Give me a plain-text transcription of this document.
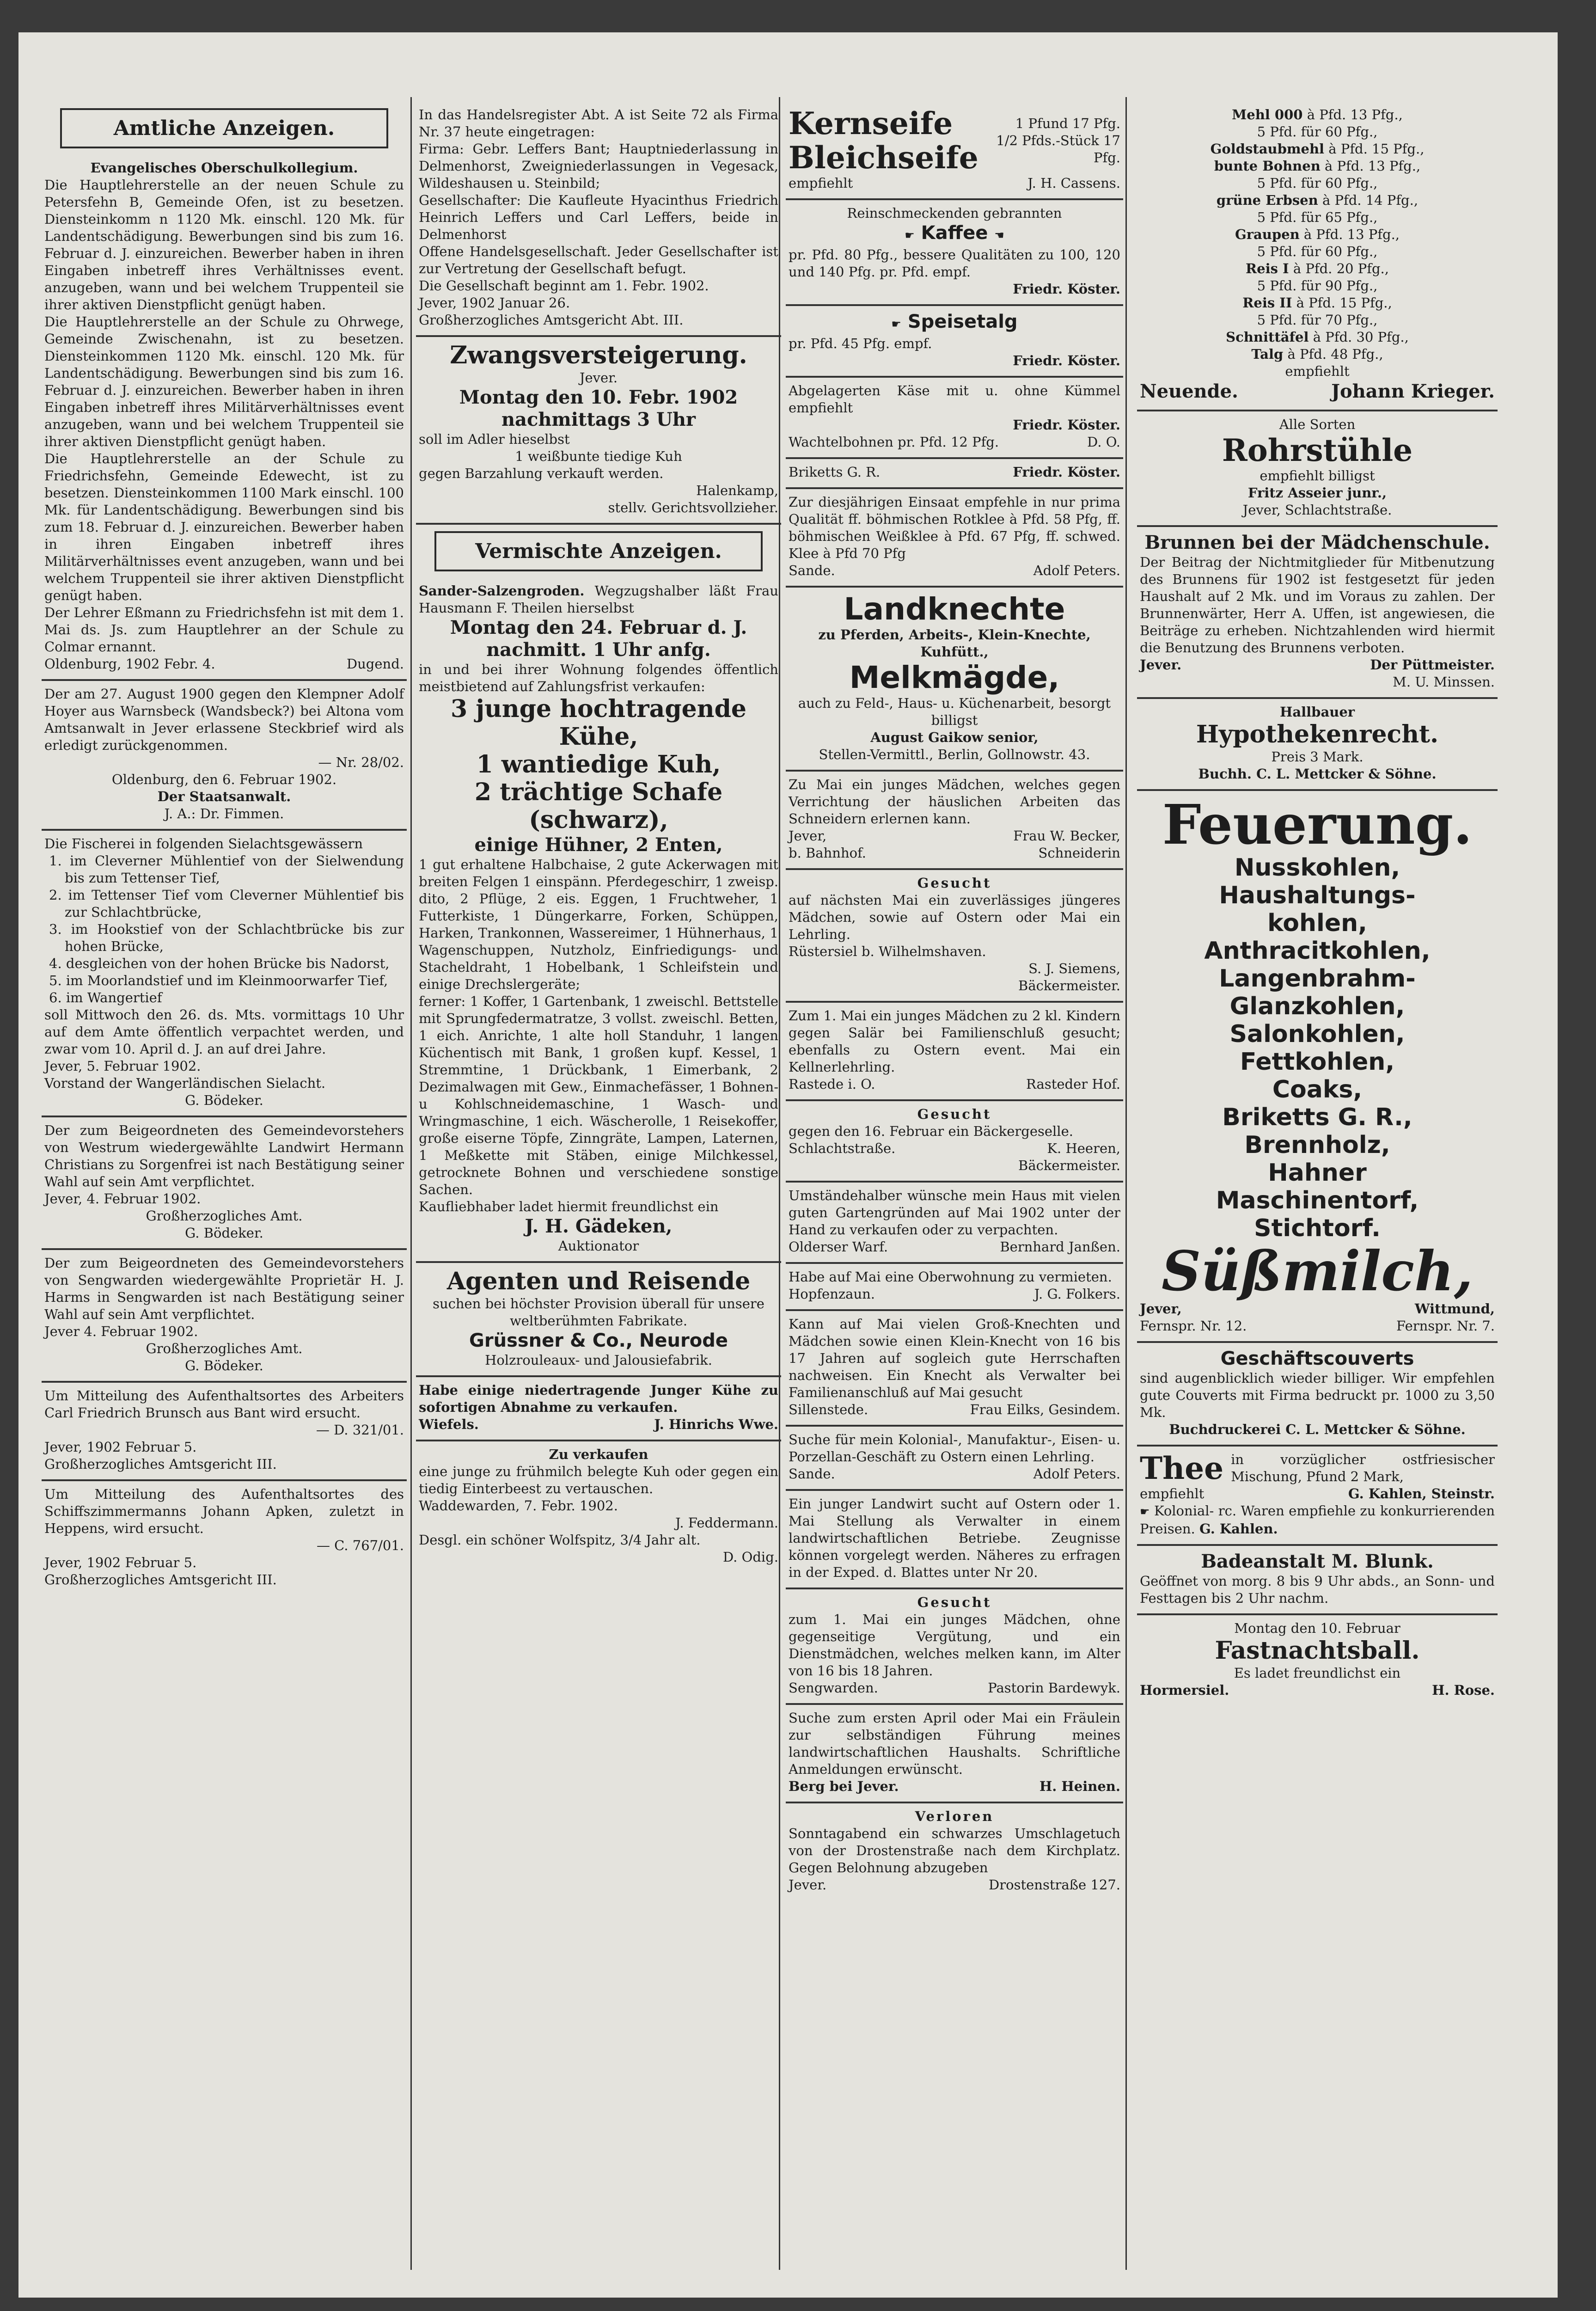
Amtliche Anzeigen.

Evangelisches Oberschulkollegium.

Die Hauptlehrerstelle an der neuen Schule zu Petersfehn B, Gemeinde Ofen, ist zu besetzen. Diensteinkomm n 1120 Mk. einschl. 120 Mk. für Landentschädigung. Bewerbungen sind bis zum 16. Februar d. J. einzureichen. Bewerber haben in ihren Eingaben inbetreff ihres Verhältnisses event. anzugeben, wann und bei welchem Truppenteil sie ihrer aktiven Dienstpflicht genügt haben.

Die Hauptlehrerstelle an der Schule zu Ohrwege, Gemeinde Zwischenahn, ist zu besetzen. Diensteinkommen 1120 Mk. einschl. 120 Mk. für Landentschädigung. Bewerbungen sind bis zum 16. Februar d. J. einzureichen. Bewerber haben in ihren Eingaben inbetreff ihres Militärverhältnisses event anzugeben, wann und bei welchem Truppenteil sie ihrer aktiven Dienstpflicht genügt haben.

Die Hauptlehrerstelle an der Schule zu Friedrichsfehn, Gemeinde Edewecht, ist zu besetzen. Diensteinkommen 1100 Mark einschl. 100 Mk. für Landentschädigung. Bewerbungen sind bis zum 18. Februar d. J. einzureichen. Bewerber haben in ihren Eingaben inbetreff ihres Militärverhältnisses event anzugeben, wann und bei welchem Truppenteil sie ihrer aktiven Dienstpflicht genügt haben.

Der Lehrer Eßmann zu Friedrichsfehn ist mit dem 1. Mai ds. Js. zum Hauptlehrer an der Schule zu Colmar ernannt.

Oldenburg, 1902 Febr. 4.	Dugend.

Der am 27. August 1900 gegen den Klempner Adolf Hoyer aus Warnsbeck (Wandsbeck?) bei Altona vom Amtsanwalt in Jever erlassene Steckbrief wird als erledigt zurückgenommen.

— Nr. 28/02.

Oldenburg, den 6. Februar 1902.

Der Staatsanwalt.

J. A.: Dr. Fimmen.

Die Fischerei in folgenden Sielachtsgewässern

1. im Cleverner Mühlentief von der Sielwendung bis zum Tettenser Tief,

2. im Tettenser Tief vom Cleverner Mühlentief bis zur Schlachtbrücke,

3. im Hookstief von der Schlachtbrücke bis zur hohen Brücke,

4. desgleichen von der hohen Brücke bis Nadorst,

5. im Moorlandstief und im Kleinmoorwarfer Tief,

6. im Wangertief

soll Mittwoch den 26. ds. Mts. vormittags 10 Uhr auf dem Amte öffentlich verpachtet werden, und zwar vom 10. April d. J. an auf drei Jahre.

Jever, 5. Februar 1902.

Vorstand der Wangerländischen Sielacht.

G. Bödeker.

Der zum Beigeordneten des Gemeindevorstehers von Westrum wiedergewählte Landwirt Hermann Christians zu Sorgenfrei ist nach Bestätigung seiner Wahl auf sein Amt verpflichtet.

Jever, 4. Februar 1902.

Großherzogliches Amt.

G. Bödeker.

Der zum Beigeordneten des Gemeindevorstehers von Sengwarden wiedergewählte Proprietär H. J. Harms in Sengwarden ist nach Bestätigung seiner Wahl auf sein Amt verpflichtet.

Jever 4. Februar 1902.

Großherzogliches Amt.

G. Bödeker.

Um Mitteilung des Aufenthaltsortes des Arbeiters Carl Friedrich Brunsch aus Bant wird ersucht.

— D. 321/01.

Jever, 1902 Februar 5.

Großherzogliches Amtsgericht III.

Um Mitteilung des Aufenthaltsortes des Schiffszimmermanns Johann Apken, zuletzt in Heppens, wird ersucht.

— C. 767/01.

Jever, 1902 Februar 5.

Großherzogliches Amtsgericht III.

In das Handelsregister Abt. A ist Seite 72 als Firma Nr. 37 heute eingetragen:

Firma: Gebr. Leffers Bant; Hauptniederlassung in Delmenhorst, Zweigniederlassungen in Vegesack, Wildeshausen u. Steinbild;

Gesellschafter: Die Kaufleute Hyacinthus Friedrich Heinrich Leffers und Carl Leffers, beide in Delmenhorst

Offene Handelsgesellschaft. Jeder Gesellschafter ist zur Vertretung der Gesellschaft befugt.

Die Gesellschaft beginnt am 1. Febr. 1902.

Jever, 1902 Januar 26.

Großherzogliches Amtsgericht Abt. III.

Zwangsversteigerung.

Jever.

Montag den 10. Febr. 1902

nachmittags 3 Uhr

soll im Adler hieselbst

1 weißbunte tiedige Kuh

gegen Barzahlung verkauft werden.

Halenkamp,

stellv. Gerichtsvollzieher.

Vermischte Anzeigen.

Sander-Salzengroden. Wegzugshalber läßt Frau Hausmann F. Theilen hierselbst

Montag den 24. Februar d. J.

nachmitt. 1 Uhr anfg.

in und bei ihrer Wohnung folgendes öffentlich meistbietend auf Zahlungsfrist verkaufen:

3 junge hochtragende Kühe,

1 wantiedige Kuh,

2 trächtige Schafe (schwarz),

einige Hühner, 2 Enten,

1 gut erhaltene Halbchaise, 2 gute Ackerwagen mit breiten Felgen 1 einspänn. Pferdegeschirr, 1 zweisp. dito, 2 Pflüge, 2 eis. Eggen, 1 Fruchtweher, 1 Futterkiste, 1 Düngerkarre, Forken, Schüppen, Harken, Trankonnen, Wassereimer, 1 Hühnerhaus, 1 Wagenschuppen, Nutzholz, Einfriedigungs- und Stacheldraht, 1 Hobelbank, 1 Schleifstein und einige Drechslergeräte;

ferner: 1 Koffer, 1 Gartenbank, 1 zweischl. Bettstelle mit Sprungfedermatratze, 3 vollst. zweischl. Betten, 1 eich. Anrichte, 1 alte holl Standuhr, 1 langen Küchentisch mit Bank, 1 großen kupf. Kessel, 1 Stremmtine, 1 Drückbank, 1 Eimerbank, 2 Dezimalwagen mit Gew., Einmachefässer, 1 Bohnen- u Kohlschneidemaschine, 1 Wasch- und Wringmaschine, 1 eich. Wäscherolle, 1 Reisekoffer, große eiserne Töpfe, Zinngräte, Lampen, Laternen, 1 Meßkette mit Stäben, einige Milchkessel, getrocknete Bohnen und verschiedene sonstige Sachen.

Kaufliebhaber ladet hiermit freundlichst ein

J. H. Gädeken,

Auktionator

Agenten und Reisende

suchen bei höchster Provision überall für unsere weltberühmten Fabrikate.

Grüssner & Co., Neurode

Holzrouleaux- und Jalousiefabrik.

Habe einige niedertragende Junger Kühe zu sofortigen Abnahme zu verkaufen.

Wiefels.	J. Hinrichs Wwe.

Zu verkaufen

eine junge zu frühmilch belegte Kuh oder gegen ein tiedig Einterbeest zu vertauschen.

Waddewarden, 7. Febr. 1902.

J. Feddermann.

Desgl. ein schöner Wolfspitz, 3/4 Jahr alt.

D. Odig.

Kernseife

Bleichseife

1 Pfund 17 Pfg.

1/2 Pfds.-Stück 17 Pfg.

empfiehlt	J. H. Cassens.

Reinschmeckenden gebrannten

☛ Kaffee ☚

pr. Pfd. 80 Pfg., bessere Qualitäten zu 100, 120 und 140 Pfg. pr. Pfd. empf.

Friedr. Köster.

☛ Speisetalg

pr. Pfd. 45 Pfg. empf.

Friedr. Köster.

Abgelagerten Käse mit u. ohne Kümmel empfiehlt

Friedr. Köster.

Wachtelbohnen pr. Pfd. 12 Pfg.	D. O.
Briketts G. R.	Friedr. Köster.

Zur diesjährigen Einsaat empfehle in nur prima Qualität ff. böhmischen Rotklee à Pfd. 58 Pfg, ff. böhmischen Weißklee à Pfd. 67 Pfg, ff. schwed. Klee à Pfd 70 Pfg

Sande.	Adolf Peters.

Landknechte

zu Pferden, Arbeits-, Klein-Knechte, Kuhfütt.,

Melkmägde,

auch zu Feld-, Haus- u. Küchenarbeit, besorgt billigst

August Gaikow senior,

Stellen-Vermittl., Berlin, Gollnowstr. 43.

Zu Mai ein junges Mädchen, welches gegen Verrichtung der häuslichen Arbeiten das Schneidern erlernen kann.

Jever,	Frau W. Becker,
b. Bahnhof.	Schneiderin

Gesucht

auf nächsten Mai ein zuverlässiges jüngeres Mädchen, sowie auf Ostern oder Mai ein Lehrling.

Rüstersiel b. Wilhelmshaven.

S. J. Siemens,

Bäckermeister.

Zum 1. Mai ein junges Mädchen zu 2 kl. Kindern gegen Salär bei Familienschluß gesucht; ebenfalls zu Ostern event. Mai ein Kellnerlehrling.

Rastede i. O.	Rasteder Hof.

Gesucht

gegen den 16. Februar ein Bäckergeselle.

Schlachtstraße.	K. Heeren,

Bäckermeister.

Umständehalber wünsche mein Haus mit vielen guten Gartengründen auf Mai 1902 unter der Hand zu verkaufen oder zu verpachten.

Olderser Warf.	Bernhard Janßen.

Habe auf Mai eine Oberwohnung zu vermieten.

Hopfenzaun.	J. G. Folkers.

Kann auf Mai vielen Groß-Knechten und Mädchen sowie einen Klein-Knecht von 16 bis 17 Jahren auf sogleich gute Herrschaften nachweisen. Ein Knecht als Verwalter bei Familienanschluß auf Mai gesucht

Sillenstede.	Frau Eilks, Gesindem.

Suche für mein Kolonial-, Manufaktur-, Eisen- u. Porzellan-Geschäft zu Ostern einen Lehrling.

Sande.	Adolf Peters.

Ein junger Landwirt sucht auf Ostern oder 1. Mai Stellung als Verwalter in einem landwirtschaftlichen Betriebe. Zeugnisse können vorgelegt werden. Näheres zu erfragen in der Exped. d. Blattes unter Nr 20.

Gesucht

zum 1. Mai ein junges Mädchen, ohne gegenseitige Vergütung, und ein Dienstmädchen, welches melken kann, im Alter von 16 bis 18 Jahren.

Sengwarden.	Pastorin Bardewyk.

Suche zum ersten April oder Mai ein Fräulein zur selbständigen Führung meines landwirtschaftlichen Haushalts. Schriftliche Anmeldungen erwünscht.

Berg bei Jever.	H. Heinen.

Verloren

Sonntagabend ein schwarzes Umschlagetuch von der Drostenstraße nach dem Kirchplatz. Gegen Belohnung abzugeben

Jever.	Drostenstraße 127.

Mehl 000 à Pfd. 13 Pfg.,

5 Pfd. für 60 Pfg.,

Goldstaubmehl à Pfd. 15 Pfg.,

bunte Bohnen à Pfd. 13 Pfg.,

5 Pfd. für 60 Pfg.,

grüne Erbsen à Pfd. 14 Pfg.,

5 Pfd. für 65 Pfg.,

Graupen à Pfd. 13 Pfg.,

5 Pfd. für 60 Pfg.,

Reis I à Pfd. 20 Pfg.,

5 Pfd. für 90 Pfg.,

Reis II à Pfd. 15 Pfg.,

5 Pfd. für 70 Pfg.,

Schnittäfel à Pfd. 30 Pfg.,

Talg à Pfd. 48 Pfg.,

empfiehlt

Neuende.	Johann Krieger.

Alle Sorten

Rohrstühle

empfiehlt billigst

Fritz Asseier junr.,

Jever, Schlachtstraße.

Brunnen bei der Mädchenschule.

Der Beitrag der Nichtmitglieder für Mitbenutzung des Brunnens für 1902 ist festgesetzt für jeden Haushalt auf 2 Mk. und im Voraus zu zahlen. Der Brunnenwärter, Herr A. Uffen, ist angewiesen, die Beiträge zu erheben. Nichtzahlenden wird hiermit die Benutzung des Brunnens verboten.

Jever.	Der Püttmeister.

M. U. Minssen.

Hallbauer

Hypothekenrecht.

Preis 3 Mark.

Buchh. C. L. Mettcker & Söhne.

Feuerung.

Nusskohlen,

Haushaltungs-

kohlen,

Anthracitkohlen,

Langenbrahm-

Glanzkohlen,

Salonkohlen,

Fettkohlen,

Coaks,

Briketts G. R.,

Brennholz,

Hahner

Maschinentorf,

Stichtorf.

Süßmilch,

Jever,	Wittmund,
Fernspr. Nr. 12.	Fernspr. Nr. 7.

Geschäftscouverts

sind augenblicklich wieder billiger. Wir empfehlen gute Couverts mit Firma bedruckt pr. 1000 zu 3,50 Mk.

Buchdruckerei C. L. Mettcker & Söhne.

Thee in vorzüglicher ostfriesischer Mischung, Pfund 2 Mark,

empfiehlt	G. Kahlen, Steinstr.

☛ Kolonial- rc. Waren empfiehle zu konkurrierenden Preisen. G. Kahlen.

Badeanstalt M. Blunk.

Geöffnet von morg. 8 bis 9 Uhr abds., an Sonn- und Festtagen bis 2 Uhr nachm.

Montag den 10. Februar

Fastnachtsball.

Es ladet freundlichst ein

Hormersiel.	H. Rose.
